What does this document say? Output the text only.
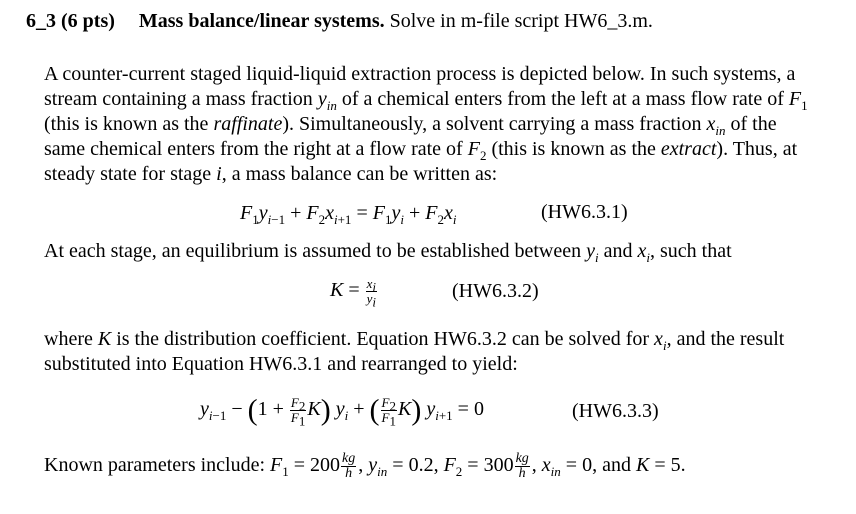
6_3 (6 pts) Mass balance/linear systems. Solve in m-file script HW6_3.m.
A counter-current staged liquid-liquid extraction process is depicted below. In such systems, a
stream containing a mass fraction $y_{in}$ of a chemical enters from the left at a mass flow rate of $F_1$
(this is known as the raffinate). Simultaneously, a solvent carrying a mass fraction $x_{in}$ of the
same chemical enters from the right at a flow rate of $F_2$ (this is known as the extract). Thus, at
steady state for stage i, a mass balance can be written as:
$F_1y_{i-1} + F_2x_{i+1} = F_1y_i + F_2x_i$	(HW6.3.1)
At each stage, an equilibrium is assumed to be established between $y_i$ and $x_i$, such that
$K = \frac{x_i}{y_i}$	(HW6.3.2)
where K is the distribution coefficient. Equation HW6.3.2 can be solved for $x_i$, and the result
substituted into Equation HW6.3.1 and rearranged to yield:
$y_{i-1} - (1 + \frac{F_2}{F_1} K) y_i$ + ( $\frac{F_2}{F_1} K$) $y_{i+1} = 0$	(HW6.3.3)
Known parameters include: $F_1 = 200 \frac{kg}{h}$ , $y_{in} = 0.2$, $F_2 = 300 \frac{kg}{h}$ , $x_{in} = 0$, and K = 5.
